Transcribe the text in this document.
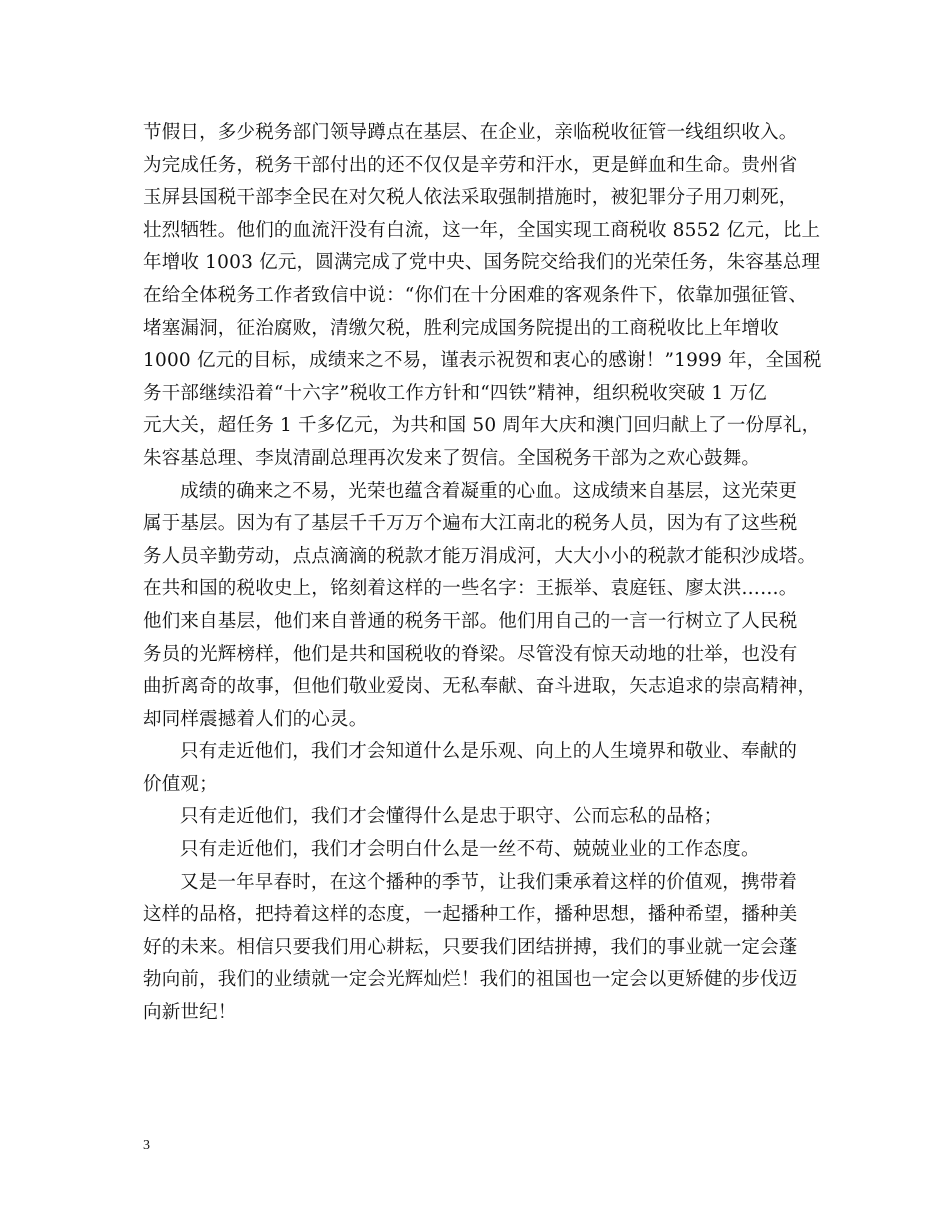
节假日，多少税务部门领导蹲点在基层、在企业，亲临税收征管一线组织收入。
为完成任务，税务干部付出的还不仅仅是辛劳和汗水，更是鲜血和生命。贵州省
玉屏县国税干部李全民在对欠税人依法采取强制措施时，被犯罪分子用刀刺死，
壮烈牺牲。他们的血流汗没有白流，这一年，全国实现工商税收 8552 亿元，比上
年增收 1003 亿元，圆满完成了党中央、国务院交给我们的光荣任务，朱容基总理
在给全体税务工作者致信中说：“你们在十分困难的客观条件下，依靠加强征管、
堵塞漏洞，征治腐败，清缴欠税，胜利完成国务院提出的工商税收比上年增收
1000 亿元的目标，成绩来之不易，谨表示祝贺和衷心的感谢！”1999 年，全国税
务干部继续沿着“十六字”税收工作方针和“四铁”精神，组织税收突破 1 万亿
元大关，超任务 1 千多亿元，为共和国 50 周年大庆和澳门回归献上了一份厚礼，
朱容基总理、李岚清副总理再次发来了贺信。全国税务干部为之欢心鼓舞。
成绩的确来之不易，光荣也蕴含着凝重的心血。这成绩来自基层，这光荣更
属于基层。因为有了基层千千万万个遍布大江南北的税务人员，因为有了这些税
务人员辛勤劳动，点点滴滴的税款才能万涓成河，大大小小的税款才能积沙成塔。
在共和国的税收史上，铭刻着这样的一些名字：王振举、袁庭钰、廖太洪……。
他们来自基层，他们来自普通的税务干部。他们用自己的一言一行树立了人民税
务员的光辉榜样，他们是共和国税收的脊梁。尽管没有惊天动地的壮举，也没有
曲折离奇的故事，但他们敬业爱岗、无私奉献、奋斗进取，矢志追求的崇高精神，
却同样震撼着人们的心灵。
只有走近他们，我们才会知道什么是乐观、向上的人生境界和敬业、奉献的
价值观；
只有走近他们，我们才会懂得什么是忠于职守、公而忘私的品格；
只有走近他们，我们才会明白什么是一丝不苟、兢兢业业的工作态度。
又是一年早春时，在这个播种的季节，让我们秉承着这样的价值观，携带着
这样的品格，把持着这样的态度，一起播种工作，播种思想，播种希望，播种美
好的未来。相信只要我们用心耕耘，只要我们团结拼搏，我们的事业就一定会蓬
勃向前，我们的业绩就一定会光辉灿烂！我们的祖国也一定会以更矫健的步伐迈
向新世纪！
3
